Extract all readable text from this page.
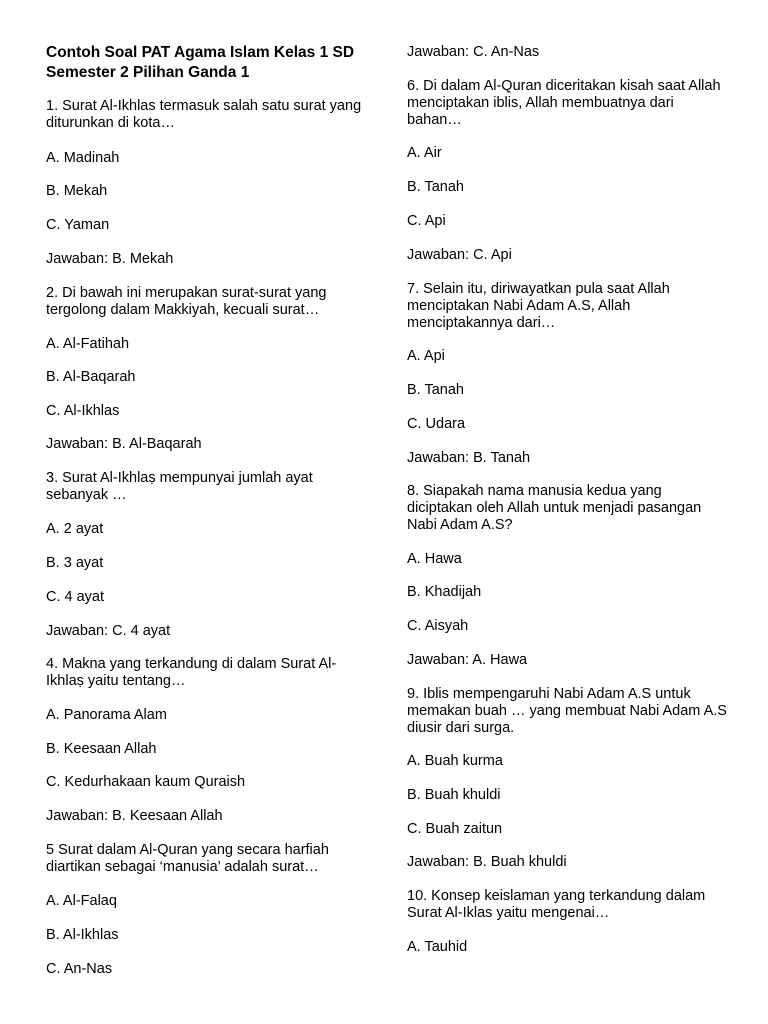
Contoh Soal PAT Agama Islam Kelas 1 SD Semester 2 Pilihan Ganda 1

1. Surat Al-Ikhlas termasuk salah satu surat yang diturunkan di kota…

A. Madinah

B. Mekah

C. Yaman

Jawaban: B. Mekah

2. Di bawah ini merupakan surat-surat yang tergolong dalam Makkiyah, kecuali surat…

A. Al-Fatihah

B. Al-Baqarah

C. Al-Ikhlas

Jawaban: B. Al-Baqarah

3. Surat Al-Ikhlaṣ mempunyai jumlah ayat sebanyak …

A. 2 ayat

B. 3 ayat

C. 4 ayat

Jawaban: C. 4 ayat

4. Makna yang terkandung di dalam Surat Al-Ikhlaṣ yaitu tentang…

A. Panorama Alam

B. Keesaan Allah

C. Kedurhakaan kaum Quraish

Jawaban: B. Keesaan Allah

5 Surat dalam Al-Quran yang secara harfiah diartikan sebagai ‘manusia’ adalah surat…

A. Al-Falaq

B. Al-Ikhlas

C. An-Nas

Jawaban: C. An-Nas

6. Di dalam Al-Quran diceritakan kisah saat Allah menciptakan iblis, Allah membuatnya dari bahan…

A. Air

B. Tanah

C. Api

Jawaban: C. Api

7. Selain itu, diriwayatkan pula saat Allah menciptakan Nabi Adam A.S, Allah menciptakannya dari…

A. Api

B. Tanah

C. Udara

Jawaban: B. Tanah

8. Siapakah nama manusia kedua yang diciptakan oleh Allah untuk menjadi pasangan Nabi Adam A.S?

A. Hawa

B. Khadijah

C. Aisyah

Jawaban: A. Hawa

9. Iblis mempengaruhi Nabi Adam A.S untuk memakan buah … yang membuat Nabi Adam A.S diusir dari surga.

A. Buah kurma

B. Buah khuldi

C. Buah zaitun

Jawaban: B. Buah khuldi

10. Konsep keislaman yang terkandung dalam Surat Al-Iklas yaitu mengenai…

A. Tauhid
